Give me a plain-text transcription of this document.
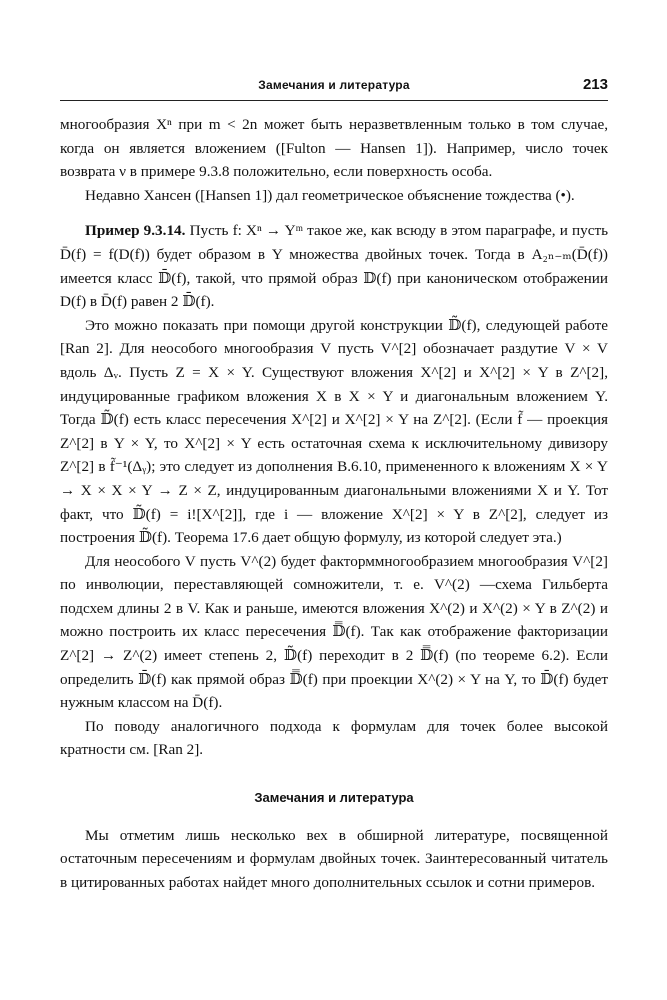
Замечания и литература	213

многообразия Xⁿ при m < 2n может быть неразветвленным только в том случае, когда он является вложением ([Fulton — Hansen 1]). Например, число точек возврата ν в примере 9.3.8 положительно, если поверхность особа.

Недавно Хансен ([Hansen 1]) дал геометрическое объяснение тождества (•).

Пример 9.3.14. Пусть f: Xⁿ → Yᵐ такое же, как всюду в этом параграфе, и пусть D̄(f) = f(D(f)) будет образом в Y множества двойных точек. Тогда в A₂ₙ₋ₘ(D̄(f)) имеется класс 𝔻̄(f), такой, что прямой образ 𝔻(f) при каноническом отображении D(f) в D̄(f) равен 2 𝔻̄(f).

Это можно показать при помощи другой конструкции 𝔻̃(f), следующей работе [Ran 2]. Для неособого многообразия V пусть V^[2] обозначает раздутие V × V вдоль Δᵥ. Пусть Z = X × Y. Существуют вложения X^[2] и X^[2] × Y в Z^[2], индуцированные графиком вложения X в X × Y и диагональным вложением Y. Тогда 𝔻̃(f) есть класс пересечения X^[2] и X^[2] × Y на Z^[2]. (Если f̃ — проекция Z^[2] в Y × Y, то X^[2] × Y есть остаточная схема к исключительному дивизору Z^[2] в f̃⁻¹(Δᵧ); это следует из дополнения B.6.10, примененного к вложениям X × Y → X × X × Y → Z × Z, индуцированным диагональными вложениями X и Y. Тот факт, что 𝔻̃(f) = i![X^[2]], где i — вложение X^[2] × Y в Z^[2], следует из построения 𝔻̃(f). Теорема 17.6 дает общую формулу, из которой следует эта.)

Для неособого V пусть V^(2) будет факторммногообразием многообразия V^[2] по инволюции, переставляющей сомножители, т. е. V^(2) —схема Гильберта подсхем длины 2 в V. Как и раньше, имеются вложения X^(2) и X^(2) × Y в Z^(2) и можно построить их класс пересечения 𝔻̿(f). Так как отображение факторизации Z^[2] → Z^(2) имеет степень 2, 𝔻̃(f) переходит в 2 𝔻̿(f) (по теореме 6.2). Если определить 𝔻̄(f) как прямой образ 𝔻̿(f) при проекции X^(2) × Y на Y, то 𝔻̄(f) будет нужным классом на D̄(f).

По поводу аналогичного подхода к формулам для точек более высокой кратности см. [Ran 2].

Замечания и литература

Мы отметим лишь несколько вех в обширной литературе, посвященной остаточным пересечениям и формулам двойных точек. Заинтересованный читатель в цитированных работах найдет много дополнительных ссылок и сотни примеров.
